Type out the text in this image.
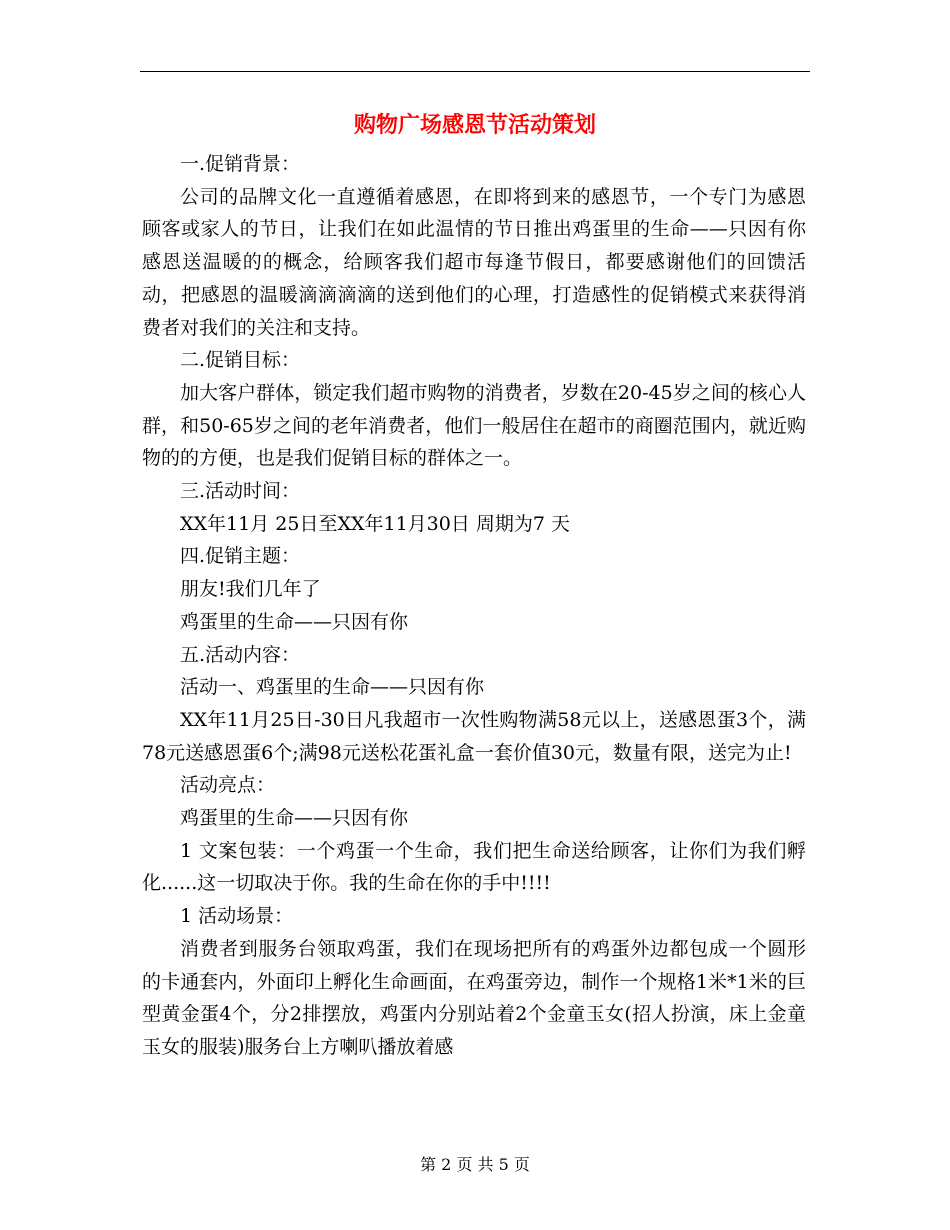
购物广场感恩节活动策划

一.促销背景：

公司的品牌文化一直遵循着感恩，在即将到来的感恩节，一个专门为感恩顾客或家人的节日，让我们在如此温情的节日推出鸡蛋里的生命——只因有你感恩送温暖的的概念，给顾客我们超市每逢节假日，都要感谢他们的回馈活动，把感恩的温暖滴滴滴滴的送到他们的心理，打造感性的促销模式来获得消费者对我们的关注和支持。

二.促销目标：

加大客户群体，锁定我们超市购物的消费者，岁数在20-45岁之间的核心人群，和50-65岁之间的老年消费者，他们一般居住在超市的商圈范围内，就近购物的的方便，也是我们促销目标的群体之一。

三.活动时间：

XX年11月 25日至XX年11月30日 周期为7 天

四.促销主题：

朋友!我们几年了

鸡蛋里的生命——只因有你

五.活动内容：

活动一、鸡蛋里的生命——只因有你

XX年11月25日-30日凡我超市一次性购物满58元以上，送感恩蛋3个，满78元送感恩蛋6个;满98元送松花蛋礼盒一套价值30元，数量有限，送完为止!

活动亮点：

鸡蛋里的生命——只因有你

1 文案包装：一个鸡蛋一个生命，我们把生命送给顾客，让你们为我们孵化......这一切取决于你。我的生命在你的手中!!!!

1 活动场景：

消费者到服务台领取鸡蛋，我们在现场把所有的鸡蛋外边都包成一个圆形的卡通套内，外面印上孵化生命画面，在鸡蛋旁边，制作一个规格1米*1米的巨型黄金蛋4个，分2排摆放，鸡蛋内分别站着2个金童玉女(招人扮演，床上金童玉女的服装)服务台上方喇叭播放着感

第 2 页 共 5 页
